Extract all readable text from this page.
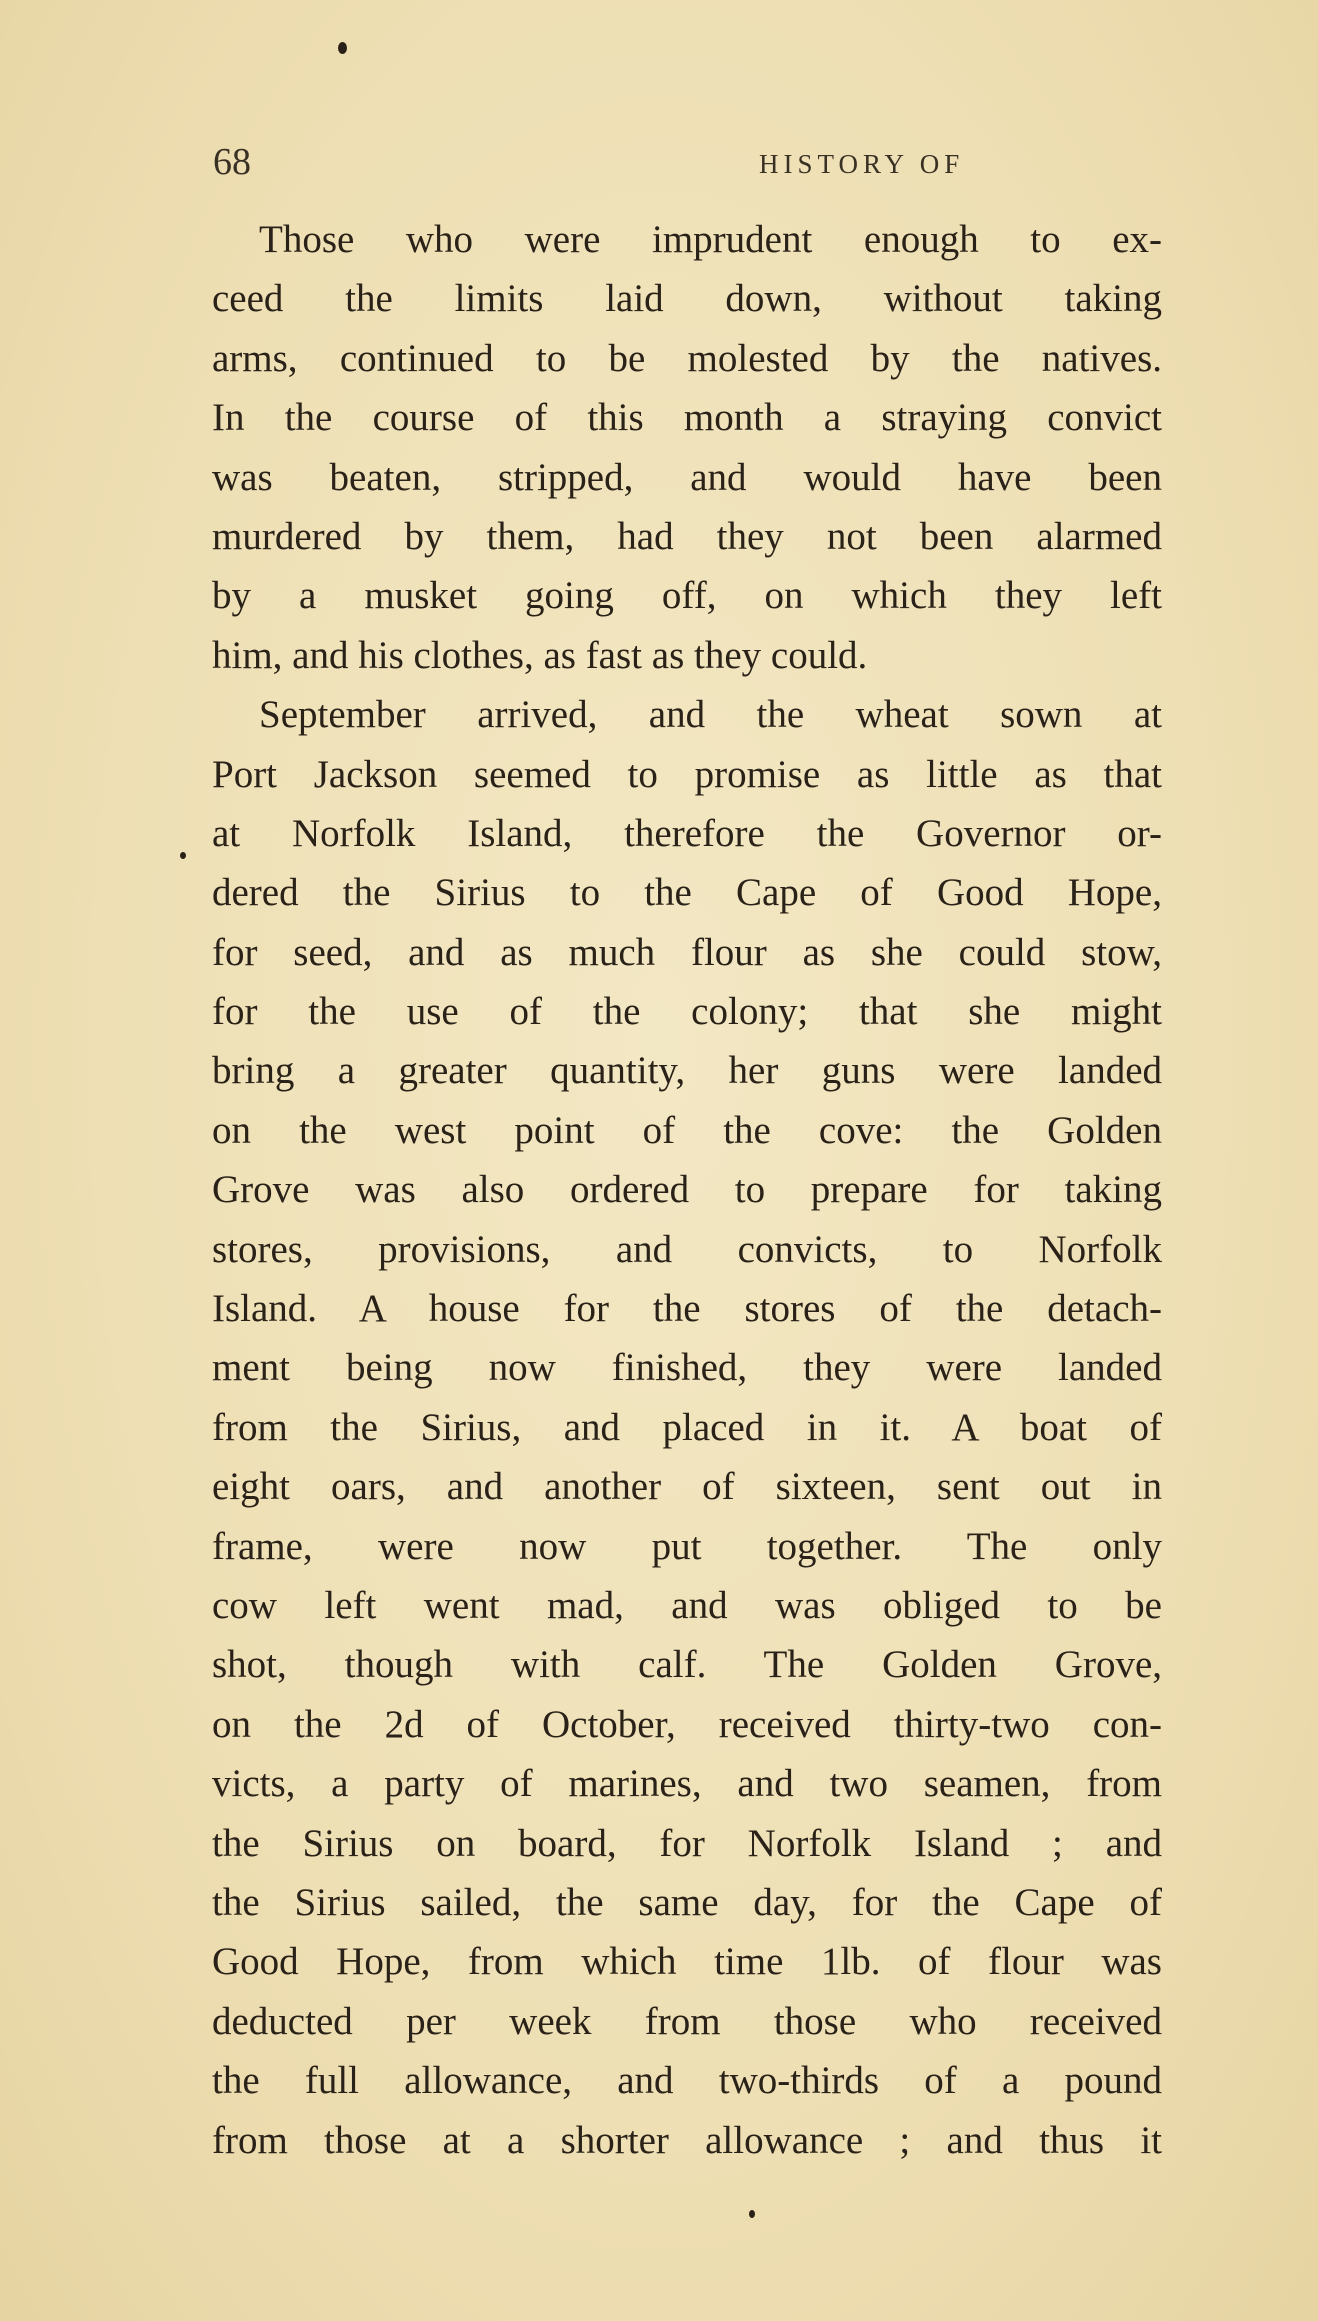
68	HISTORY OF
Those who were imprudent enough to ex-
ceed the limits laid down, without taking
arms, continued to be molested by the natives.
In the course of this month a straying convict
was beaten, stripped, and would have been
murdered by them, had they not been alarmed
by a musket going off, on which they left
him, and his clothes, as fast as they could.
September arrived, and the wheat sown at
Port Jackson seemed to promise as little as that
at Norfolk Island, therefore the Governor or-
dered the Sirius to the Cape of Good Hope,
for seed, and as much flour as she could stow,
for the use of the colony; that she might
bring a greater quantity, her guns were landed
on the west point of the cove: the Golden
Grove was also ordered to prepare for taking
stores, provisions, and convicts, to Norfolk
Island. A house for the stores of the detach-
ment being now finished, they were landed
from the Sirius, and placed in it. A boat of
eight oars, and another of sixteen, sent out in
frame, were now put together. The only
cow left went mad, and was obliged to be
shot, though with calf. The Golden Grove,
on the 2d of October, received thirty-two con-
victs, a party of marines, and two seamen, from
the Sirius on board, for Norfolk Island ; and
the Sirius sailed, the same day, for the Cape of
Good Hope, from which time 1lb. of flour was
deducted per week from those who received
the full allowance, and two-thirds of a pound
from those at a shorter allowance ; and thus it
